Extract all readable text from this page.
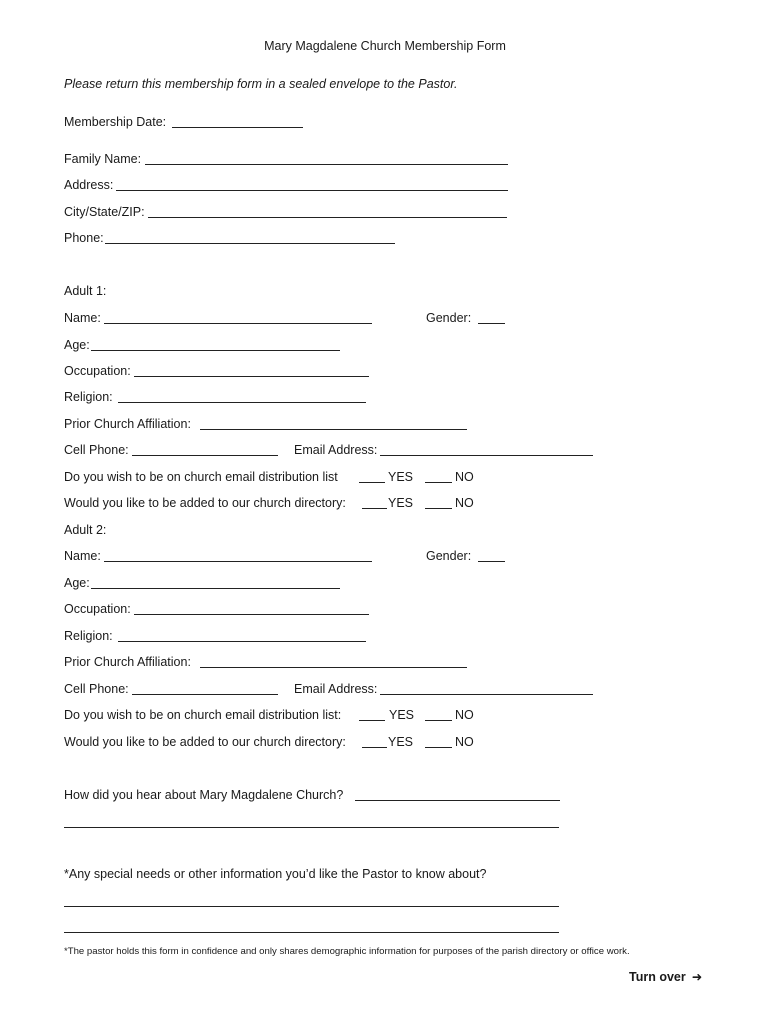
Mary Magdalene Church Membership Form
Please return this membership form in a sealed envelope to the Pastor.
Membership Date:
Family Name:
Address:
City/State/ZIP:
Phone:
Adult 1:
Name:	Gender:
Age:
Occupation:
Religion:
Prior Church Affiliation:
Cell Phone:	Email Address:
Do you wish to be on church email distribution list	YES	NO
Would you like to be added to our church directory:	YES	NO
Adult 2:
Name:	Gender:
Age:
Occupation:
Religion:
Prior Church Affiliation:
Cell Phone:	Email Address:
Do you wish to be on church email distribution list:	YES	NO
Would you like to be added to our church directory:	YES	NO
How did you hear about Mary Magdalene Church?
*Any special needs or other information you’d like the Pastor to know about?
*The pastor holds this form in confidence and only shares demographic information for purposes of the parish directory or office work.
Turn over ➜
